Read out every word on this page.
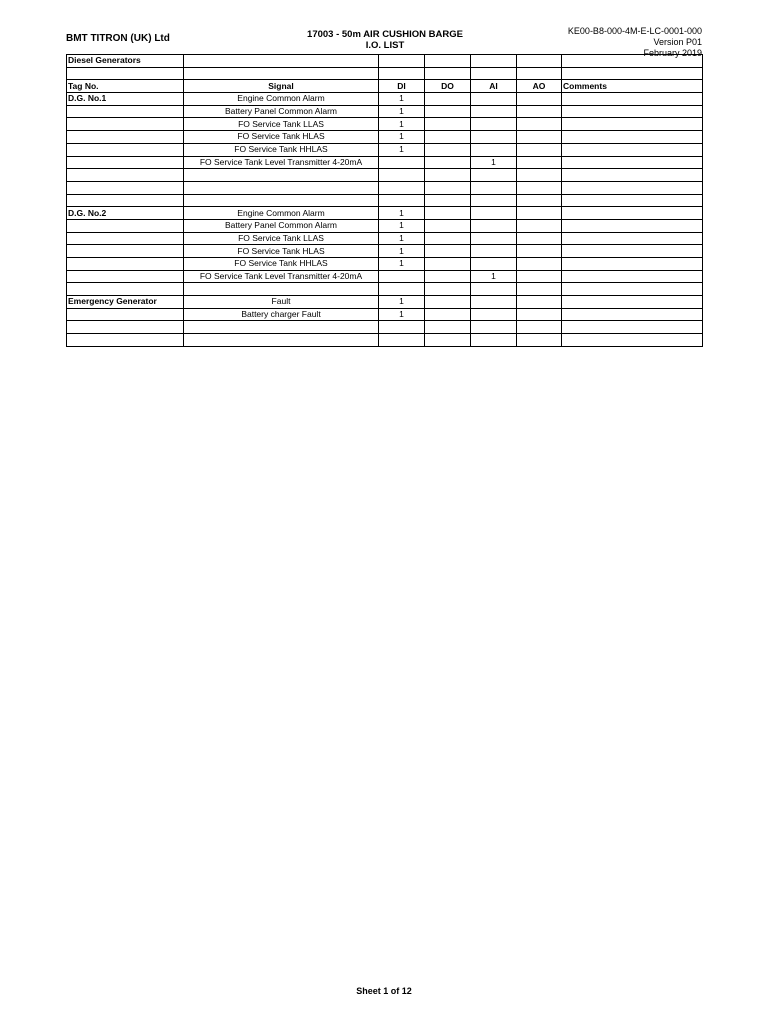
BMT TITRON (UK) Ltd	17003 - 50m AIR CUSHION BARGE
I.O. LIST
KE00-B8-000-4M-E-LC-0001-000
Version P01
February 2019
Diesel Generators						

Tag No.	Signal	DI	DO	AI	AO	Comments
D.G. No.1	Engine Common Alarm	1				
	Battery Panel Common Alarm	1				
	FO Service Tank LLAS	1				
	FO Service Tank HLAS	1				
	FO Service Tank HHLAS	1				
	FO Service Tank Level Transmitter 4-20mA			1		

D.G. No.2	Engine Common Alarm	1				
	Battery Panel Common Alarm	1				
	FO Service Tank LLAS	1				
	FO Service Tank HLAS	1				
	FO Service Tank HHLAS	1				
	FO Service Tank Level Transmitter 4-20mA			1		

Emergency Generator	Fault	1				
	Battery charger Fault	1				

Sheet 1 of 12
